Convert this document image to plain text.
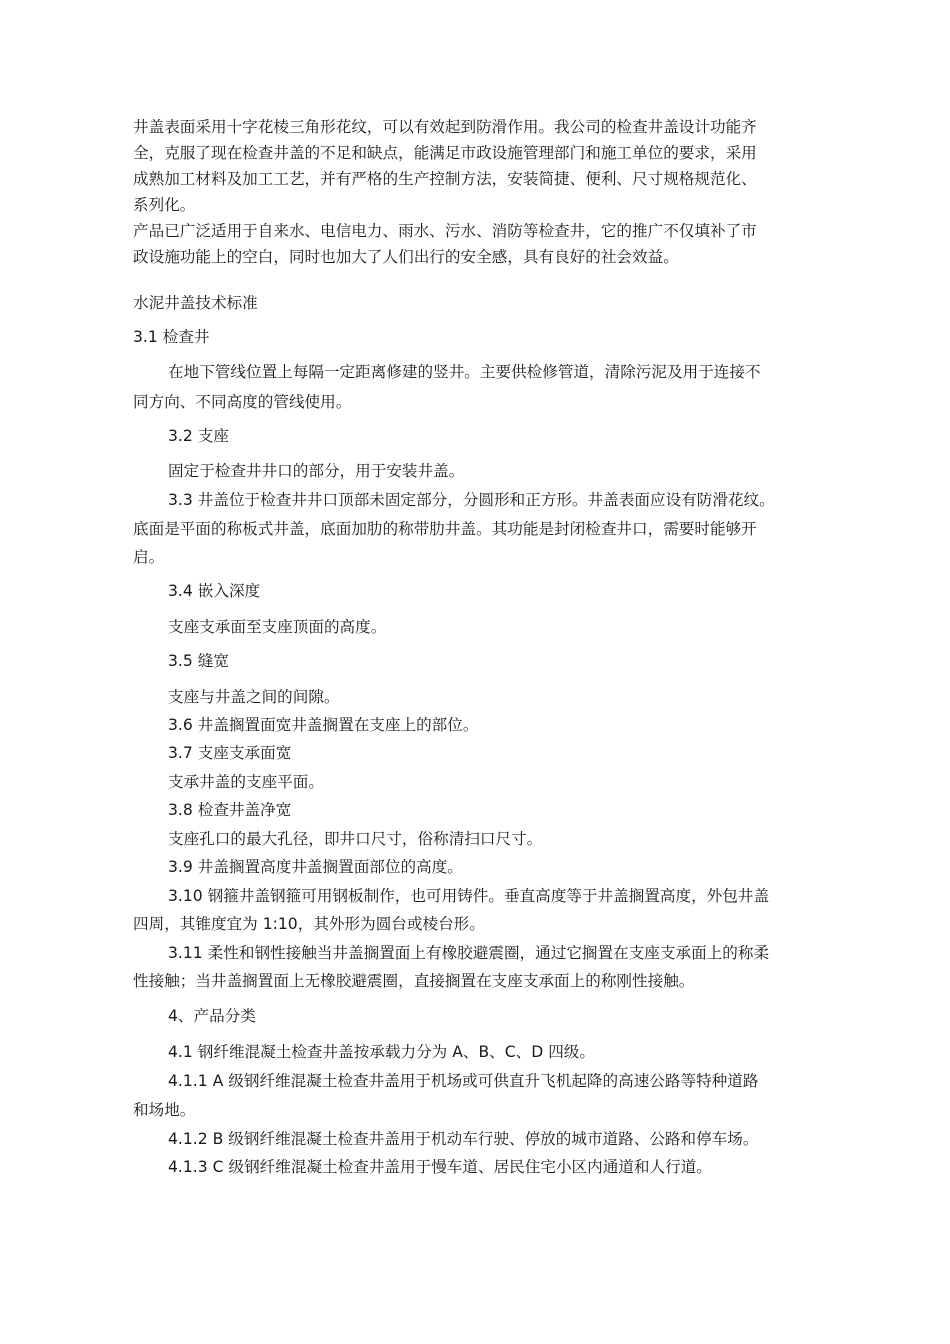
井盖表面采用十字花棱三角形花纹，可以有效起到防滑作用。我公司的检查井盖设计功能齐
全，克服了现在检查井盖的不足和缺点，能满足市政设施管理部门和施工单位的要求，采用
成熟加工材料及加工工艺，并有严格的生产控制方法，安装简捷、便利、尺寸规格规范化、
系列化。
产品已广泛适用于自来水、电信电力、雨水、污水、消防等检查井，它的推广不仅填补了市
政设施功能上的空白，同时也加大了人们出行的安全感，具有良好的社会效益。
水泥井盖技术标准
3.1 检查井
在地下管线位置上每隔一定距离修建的竖井。主要供检修管道，清除污泥及用于连接不
同方向、不同高度的管线使用。
3.2 支座
固定于检查井井口的部分，用于安装井盖。
3.3 井盖位于检查井井口顶部未固定部分，分圆形和正方形。井盖表面应设有防滑花纹。
底面是平面的称板式井盖，底面加肋的称带肋井盖。其功能是封闭检查井口，需要时能够开
启。
3.4 嵌入深度
支座支承面至支座顶面的高度。
3.5 缝宽
支座与井盖之间的间隙。
3.6 井盖搁置面宽井盖搁置在支座上的部位。
3.7 支座支承面宽
支承井盖的支座平面。
3.8 检查井盖净宽
支座孔口的最大孔径，即井口尺寸，俗称清扫口尺寸。
3.9 井盖搁置高度井盖搁置面部位的高度。
3.10 钢箍井盖钢箍可用钢板制作，也可用铸件。垂直高度等于井盖搁置高度，外包井盖
四周，其锥度宜为 1:10，其外形为圆台或棱台形。
3.11 柔性和钢性接触当井盖搁置面上有橡胶避震圈，通过它搁置在支座支承面上的称柔
性接触；当井盖搁置面上无橡胶避震圈，直接搁置在支座支承面上的称刚性接触。
4、产品分类
4.1 钢纤维混凝土检查井盖按承载力分为 A、B、C、D 四级。
4.1.1 A 级钢纤维混凝土检查井盖用于机场或可供直升飞机起降的高速公路等特种道路
和场地。
4.1.2 B 级钢纤维混凝土检查井盖用于机动车行驶、停放的城市道路、公路和停车场。
4.1.3 C 级钢纤维混凝土检查井盖用于慢车道、居民住宅小区内通道和人行道。
